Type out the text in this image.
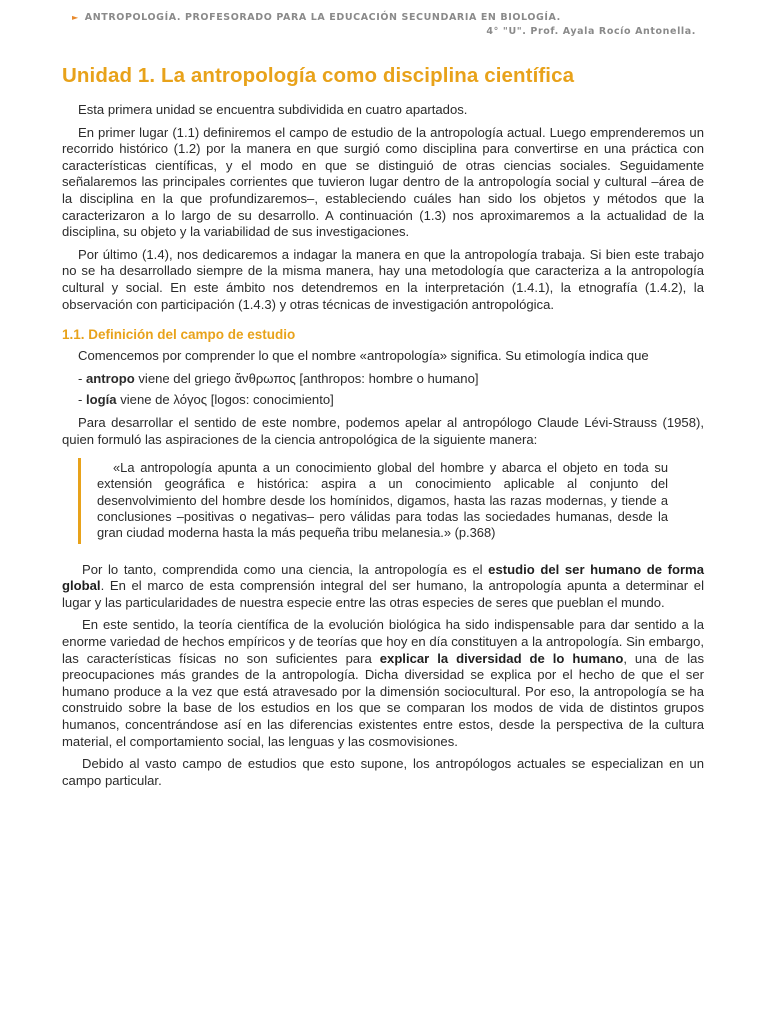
► ANTROPOLOGÍA. PROFESORADO PARA LA EDUCACIÓN SECUNDARIA EN BIOLOGÍA.
4° "U". Prof. Ayala Rocío Antonella.
Unidad 1. La antropología como disciplina científica

Esta primera unidad se encuentra subdividida en cuatro apartados.

En primer lugar (1.1) definiremos el campo de estudio de la antropología actual. Luego emprenderemos un recorrido histórico (1.2) por la manera en que surgió como disciplina para convertirse en una práctica con características científicas, y el modo en que se distinguió de otras ciencias sociales. Seguidamente señalaremos las principales corrientes que tuvieron lugar dentro de la antropología social y cultural –área de la disciplina en la que profundizaremos–, estableciendo cuáles han sido los objetos y métodos que la caracterizaron a lo largo de su desarrollo. A continuación (1.3) nos aproximaremos a la actualidad de la disciplina, su objeto y la variabilidad de sus investigaciones.

Por último (1.4), nos dedicaremos a indagar la manera en que la antropología trabaja. Si bien este trabajo no se ha desarrollado siempre de la misma manera, hay una metodología que caracteriza a la antropología cultural y social. En este ámbito nos detendremos en la interpretación (1.4.1), la etnografía (1.4.2), la observación con participación (1.4.3) y otras técnicas de investigación antropológica.

1.1. Definición del campo de estudio

Comencemos por comprender lo que el nombre «antropología» significa. Su etimología indica que

- antropo viene del griego ἄνθρωπος [anthropos: hombre o humano]
- logía viene de λόγος [logos: conocimiento]

Para desarrollar el sentido de este nombre, podemos apelar al antropólogo Claude Lévi-Strauss (1958), quien formuló las aspiraciones de la ciencia antropológica de la siguiente manera:

«La antropología apunta a un conocimiento global del hombre y abarca el objeto en toda su extensión geográfica e histórica: aspira a un conocimiento aplicable al conjunto del desenvolvimiento del hombre desde los homínidos, digamos, hasta las razas modernas, y tiende a conclusiones –positivas o negativas– pero válidas para todas las sociedades humanas, desde la gran ciudad moderna hasta la más pequeña tribu melanesia.» (p.368)

Por lo tanto, comprendida como una ciencia, la antropología es el estudio del ser humano de forma global. En el marco de esta comprensión integral del ser humano, la antropología apunta a determinar el lugar y las particularidades de nuestra especie entre las otras especies de seres que pueblan el mundo.

En este sentido, la teoría científica de la evolución biológica ha sido indispensable para dar sentido a la enorme variedad de hechos empíricos y de teorías que hoy en día constituyen a la antropología. Sin embargo, las características físicas no son suficientes para explicar la diversidad de lo humano, una de las preocupaciones más grandes de la antropología. Dicha diversidad se explica por el hecho de que el ser humano produce a la vez que está atravesado por la dimensión sociocultural. Por eso, la antropología se ha construido sobre la base de los estudios en los que se comparan los modos de vida de distintos grupos humanos, concentrándose así en las diferencias existentes entre estos, desde la perspectiva de la cultura material, el comportamiento social, las lenguas y las cosmovisiones.

Debido al vasto campo de estudios que esto supone, los antropólogos actuales se especializan en un campo particular.
